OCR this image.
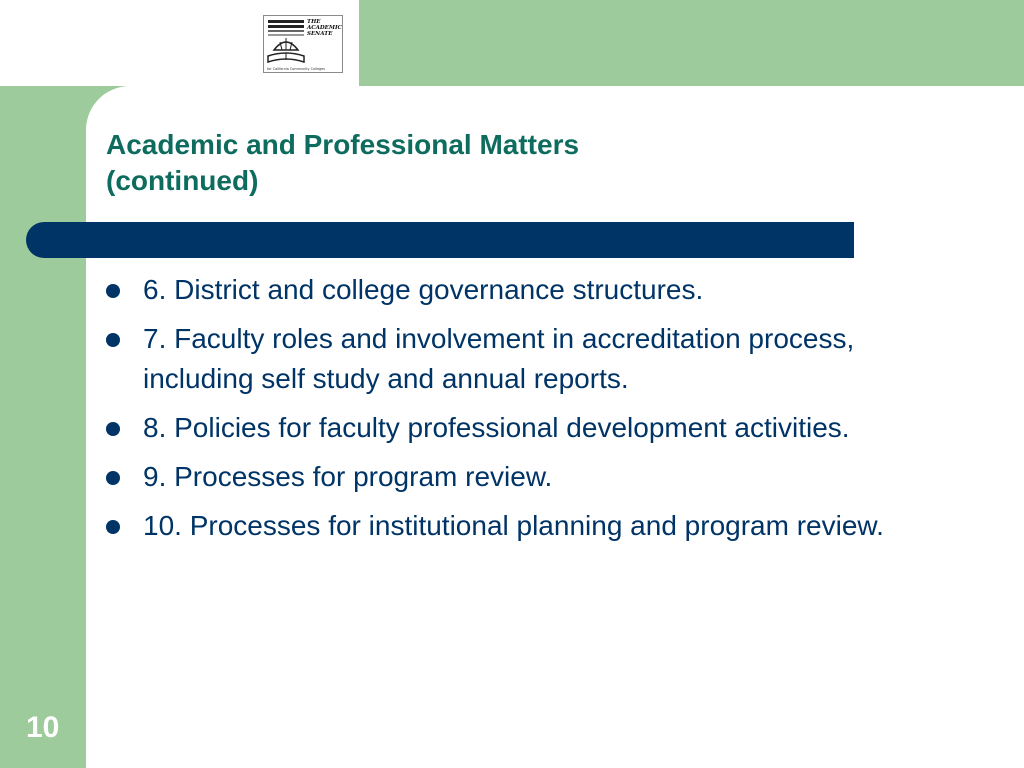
THE
ACADEMIC
SENATE
for California Community Colleges
Academic and Professional Matters
(continued)
6. District and college governance structures.
7. Faculty roles and involvement in accreditation process, including self study and annual reports.
8. Policies for faculty professional development activities.
9. Processes for program review.
10. Processes for institutional planning and program review.
10
